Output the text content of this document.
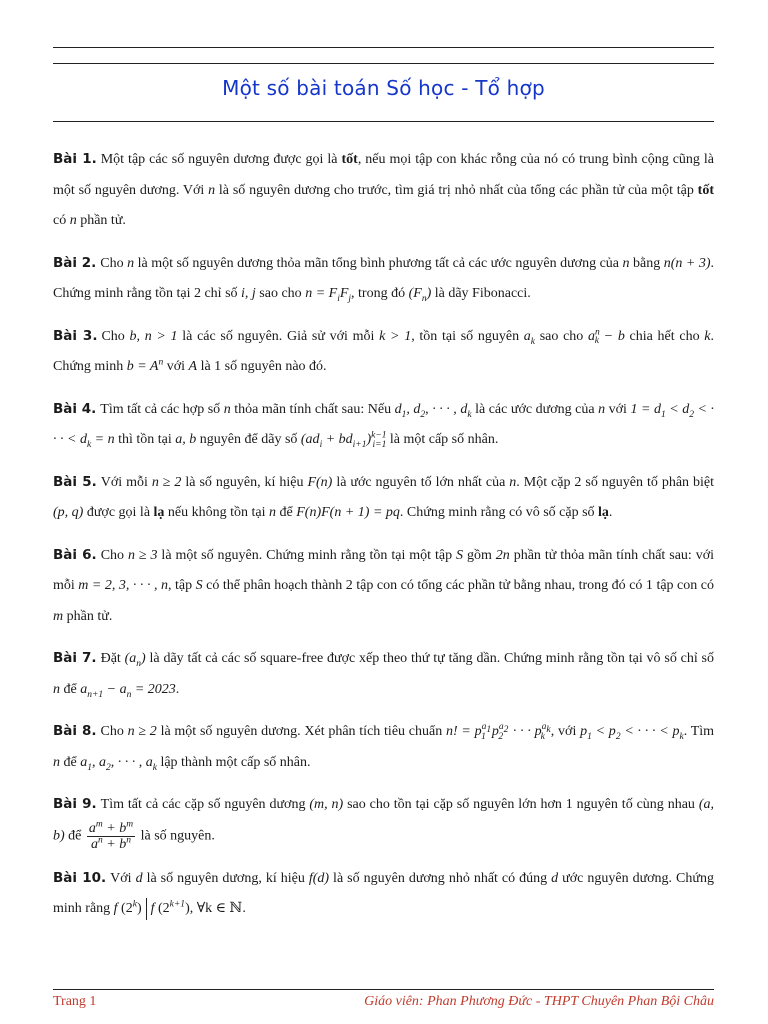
Một số bài toán Số học - Tổ hợp

Bài 1. Một tập các số nguyên dương được gọi là tốt, nếu mọi tập con khác rỗng của nó có trung bình cộng cũng là một số nguyên dương. Với n là số nguyên dương cho trước, tìm giá trị nhỏ nhất của tổng các phần tử của một tập tốt có n phần tử.

Bài 2. Cho n là một số nguyên dương thỏa mãn tổng bình phương tất cả các ước nguyên dương của n bằng n(n + 3). Chứng minh rằng tồn tại 2 chỉ số i, j sao cho $n = F_iF_j$, trong đó $(F_n)$ là dãy Fibonacci.

Bài 3. Cho b, n > 1 là các số nguyên. Giả sử với mỗi k > 1, tồn tại số nguyên $a_k$ sao cho $a^n_k - b$ chia hết cho k. Chứng minh $b = A^n$ với A là 1 số nguyên nào đó.

Bài 4. Tìm tất cả các hợp số n thỏa mãn tính chất sau: Nếu $d_1$, $d_2$, · · · , $d_k$ là các ước dương của n với $1 = d_1 < d_2$ < · · · < $d_k = n$ thì tồn tại a, b nguyên để dãy số $(ad_i + bd_{i+1})^{k-1}_{i=1}$ là một cấp số nhân.

Bài 5. Với mỗi n ≥ 2 là số nguyên, kí hiệu F(n) là ước nguyên tố lớn nhất của n. Một cặp 2 số nguyên tố phân biệt (p, q) được gọi là lạ nếu không tồn tại n để F(n)F(n + 1) = pq. Chứng minh rằng có vô số cặp số lạ.

Bài 6. Cho n ≥ 3 là một số nguyên. Chứng minh rằng tồn tại một tập S gồm 2n phần tử thỏa mãn tính chất sau: với mỗi m = 2, 3, · · · , n, tập S có thể phân hoạch thành 2 tập con có tổng các phần tử bằng nhau, trong đó có 1 tập con có m phần tử.

Bài 7. Đặt $(a_n)$ là dãy tất cả các số square-free được xếp theo thứ tự tăng dần. Chứng minh rằng tồn tại vô số chỉ số n để $a_{n+1} - a_n = 2023$.

Bài 8. Cho n ≥ 2 là một số nguyên dương. Xét phân tích tiêu chuẩn n! = $p^{a_1}_1$ $p^{a_2}_2$ · · · $p^{a_k}_k$ , với $p_1 < p_2$ < · · · < $p_k$. Tìm n để $a_1$, $a_2$, · · · , $a_k$ lập thành một cấp số nhân.

Bài 9. Tìm tất cả các cặp số nguyên dương (m, n) sao cho tồn tại cặp số nguyên lớn hơn 1 nguyên tố cùng nhau (a, b) để $\frac{a^m + b^m}{a^n + b^n}$ là số nguyên.

Bài 10. Với d là số nguyên dương, kí hiệu f(d) là số nguyên dương nhỏ nhất có đúng d ước nguyên dương. Chứng minh rằng f (2$^k$) f $(2^{k+1})$, ∀k ∈ ℕ.

Trang 1	Giáo viên: Phan Phương Đức - THPT Chuyên Phan Bội Châu
